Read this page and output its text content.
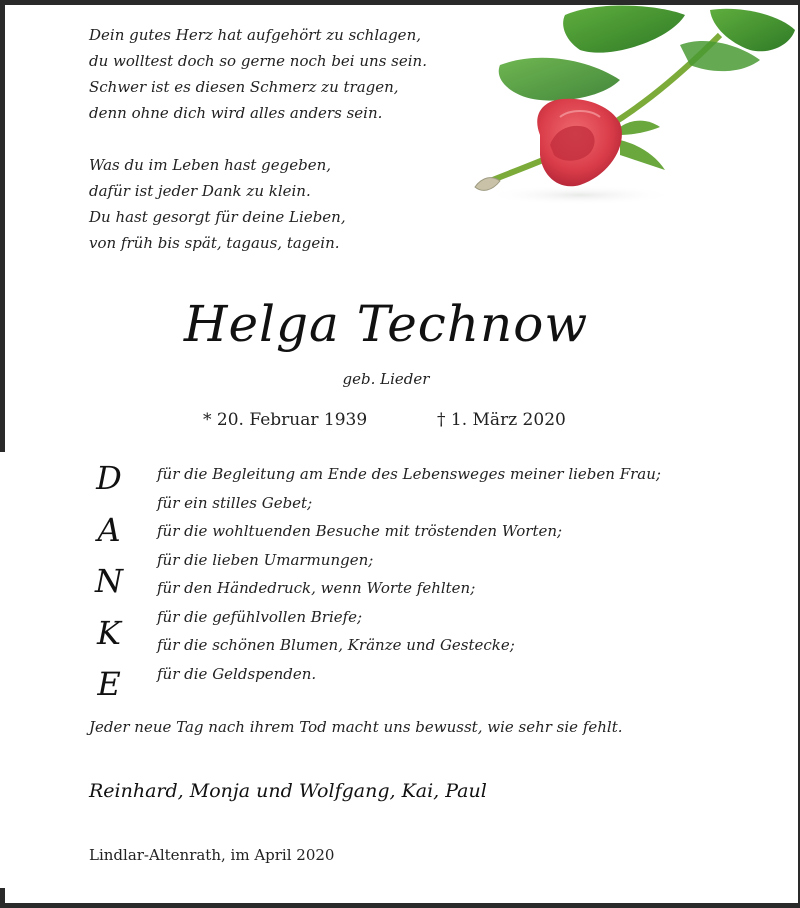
Dein gutes Herz hat aufgehört zu schlagen,
du wolltest doch so gerne noch bei uns sein.
Schwer ist es diesen Schmerz zu tragen,
denn ohne dich wird alles anders sein.
Was du im Leben hast gegeben,
dafür ist jeder Dank zu klein.
Du hast gesorgt für deine Lieben,
von früh bis spät, tagaus, tagein.
Helga Technow
geb. Lieder
* 20. Februar 1939	† 1. März 2020
D
A
N
K
E
für die Begleitung am Ende des Lebensweges meiner lieben Frau;
für ein stilles Gebet;
für die wohltuenden Besuche mit tröstenden Worten;
für die lieben Umarmungen;
für den Händedruck, wenn Worte fehlten;
für die gefühlvollen Briefe;
für die schönen Blumen, Kränze und Gestecke;
für die Geldspenden.
Jeder neue Tag nach ihrem Tod macht uns bewusst, wie sehr sie fehlt.
Reinhard, Monja und Wolfgang, Kai, Paul
Lindlar-Altenrath, im April 2020
